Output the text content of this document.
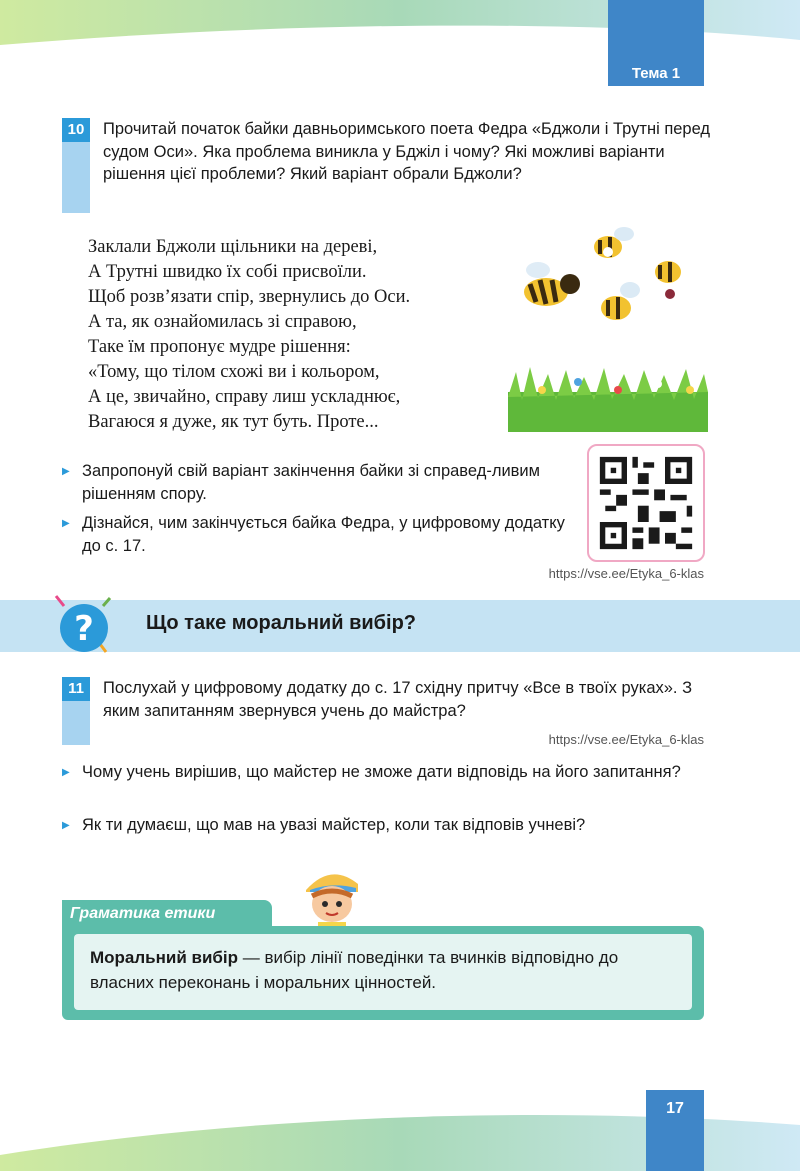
Тема 1
10	Прочитай початок байки давньоримського поета Федра «Бджоли і Трутні перед судом Оси». Яка проблема виникла у Бджіл і чому? Які можливі варіанти рішення цієї проблеми? Який варіант обрали Бджоли?
Заклали Бджоли щільники на дереві,
А Трутні швидко їх собі присвоїли.
Щоб розв’язати спір, звернулись до Оси.
А та, як ознайомилась зі справою,
Таке їм пропонує мудре рішення:
«Тому, що тілом схожі ви і кольором,
А це, звичайно, справу лиш ускладнює,
Вагаюся я дуже, як тут буть. Проте...
▶ Запропонуй свій варіант закінчення байки зі справед-ливим рішенням спору.
▶ Дізнайся, чим закінчується байка Федра, у цифровому додатку до с. 17.
https://vse.ee/Etyka_6-klas
?	Що таке моральний вибір?
11	Послухай у цифровому додатку до с. 17 східну притчу «Все в твоїх руках». З яким запитанням звернувся учень до майстра?
https://vse.ee/Etyka_6-klas
▶ Чому учень вирішив, що майстер не зможе дати відповідь на його запитання?
▶ Як ти думаєш, що мав на увазі майстер, коли так відповів учневі?
Граматика етики
Моральний вибір — вибір лінії поведінки та вчинків відповідно до власних переконань і моральних цінностей.
17
